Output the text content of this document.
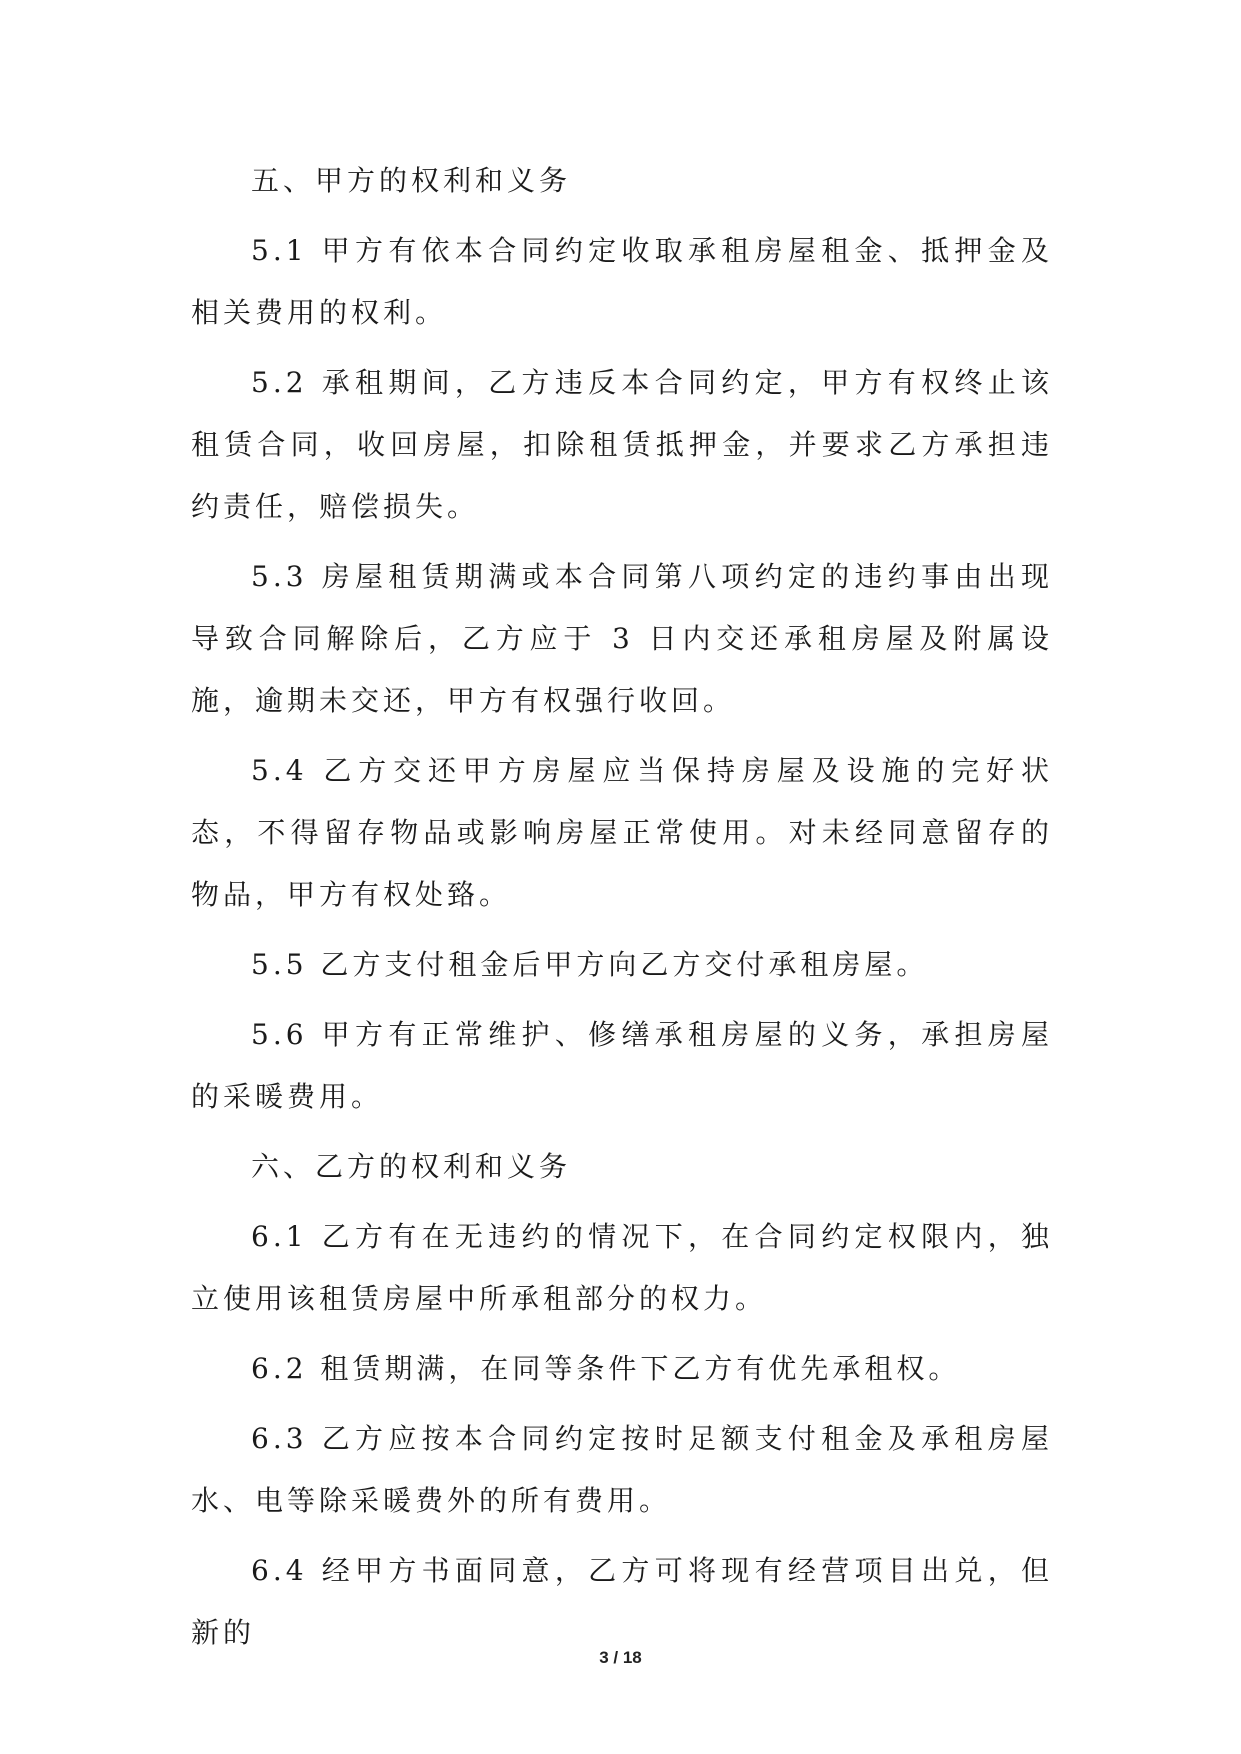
五、甲方的权利和义务

5.1 甲方有依本合同约定收取承租房屋租金、抵押金及相关费用的权利。

5.2 承租期间，乙方违反本合同约定，甲方有权终止该租赁合同，收回房屋，扣除租赁抵押金，并要求乙方承担违约责任，赔偿损失。

5.3 房屋租赁期满或本合同第八项约定的违约事由出现导致合同解除后，乙方应于 3 日内交还承租房屋及附属设施，逾期未交还，甲方有权强行收回。

5.4 乙方交还甲方房屋应当保持房屋及设施的完好状态，不得留存物品或影响房屋正常使用。对未经同意留存的物品，甲方有权处臵。

5.5 乙方支付租金后甲方向乙方交付承租房屋。

5.6 甲方有正常维护、修缮承租房屋的义务，承担房屋的采暖费用。

六、乙方的权利和义务

6.1 乙方有在无违约的情况下，在合同约定权限内，独立使用该租赁房屋中所承租部分的权力。

6.2 租赁期满，在同等条件下乙方有优先承租权。

6.3 乙方应按本合同约定按时足额支付租金及承租房屋水、电等除采暖费外的所有费用。

6.4 经甲方书面同意，乙方可将现有经营项目出兑，但新的

3 / 18
